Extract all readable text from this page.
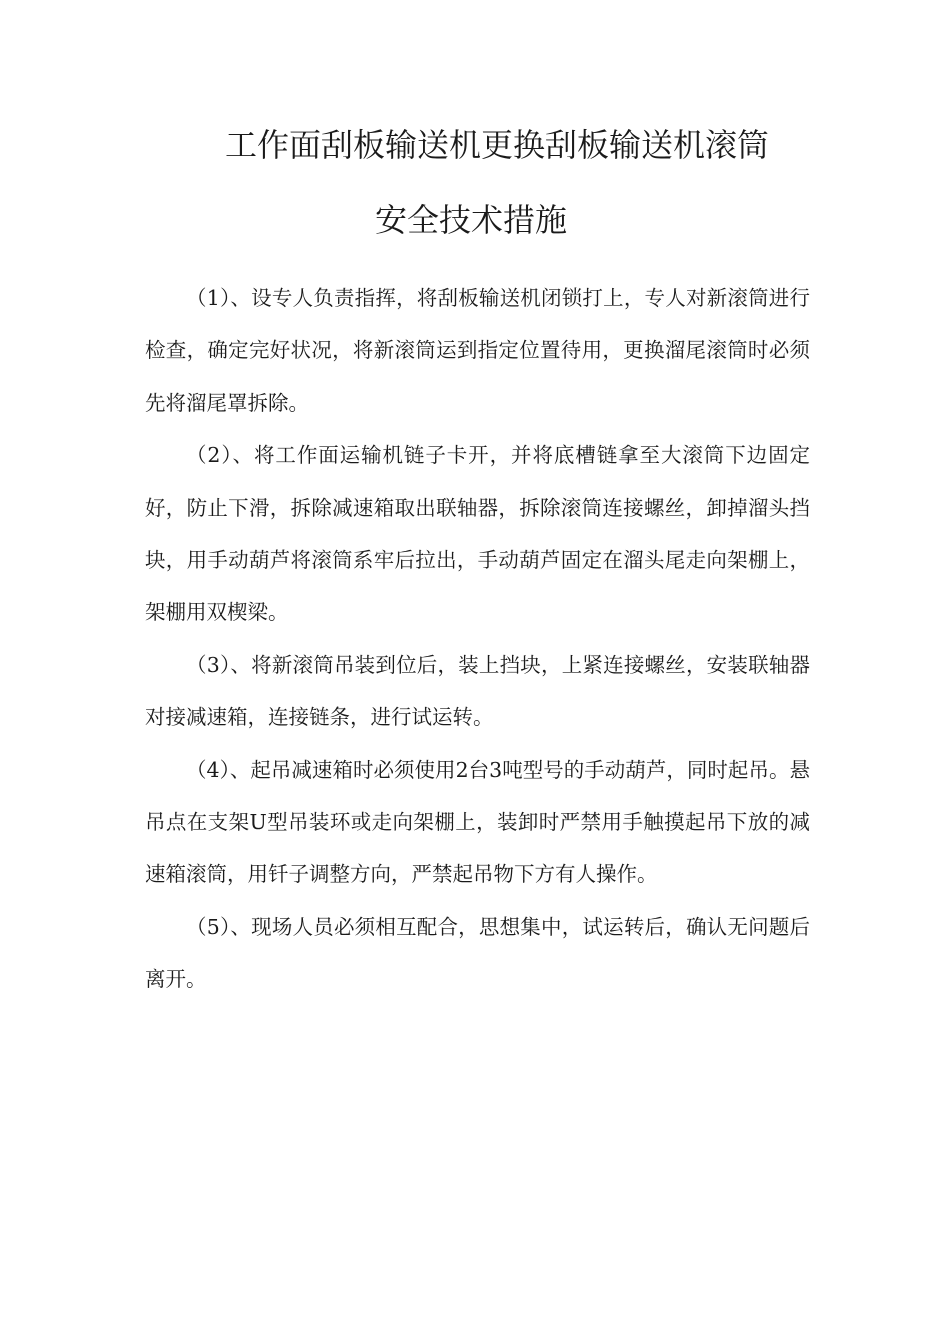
工作面刮板输送机更换刮板输送机滚筒
安全技术措施

（1）、设专人负责指挥，将刮板输送机闭锁打上，专人对新滚筒进行检查，确定完好状况，将新滚筒运到指定位置待用，更换溜尾滚筒时必须先将溜尾罩拆除。

（2）、将工作面运输机链子卡开，并将底槽链拿至大滚筒下边固定好，防止下滑，拆除减速箱取出联轴器，拆除滚筒连接螺丝，卸掉溜头挡块，用手动葫芦将滚筒系牢后拉出，手动葫芦固定在溜头尾走向架棚上，架棚用双楔梁。

（3）、将新滚筒吊装到位后，装上挡块，上紧连接螺丝，安装联轴器对接减速箱，连接链条，进行试运转。

（4）、起吊减速箱时必须使用2台3吨型号的手动葫芦，同时起吊。悬吊点在支架U型吊装环或走向架棚上，装卸时严禁用手触摸起吊下放的减速箱滚筒，用钎子调整方向，严禁起吊物下方有人操作。

（5）、现场人员必须相互配合，思想集中，试运转后，确认无问题后离开。
